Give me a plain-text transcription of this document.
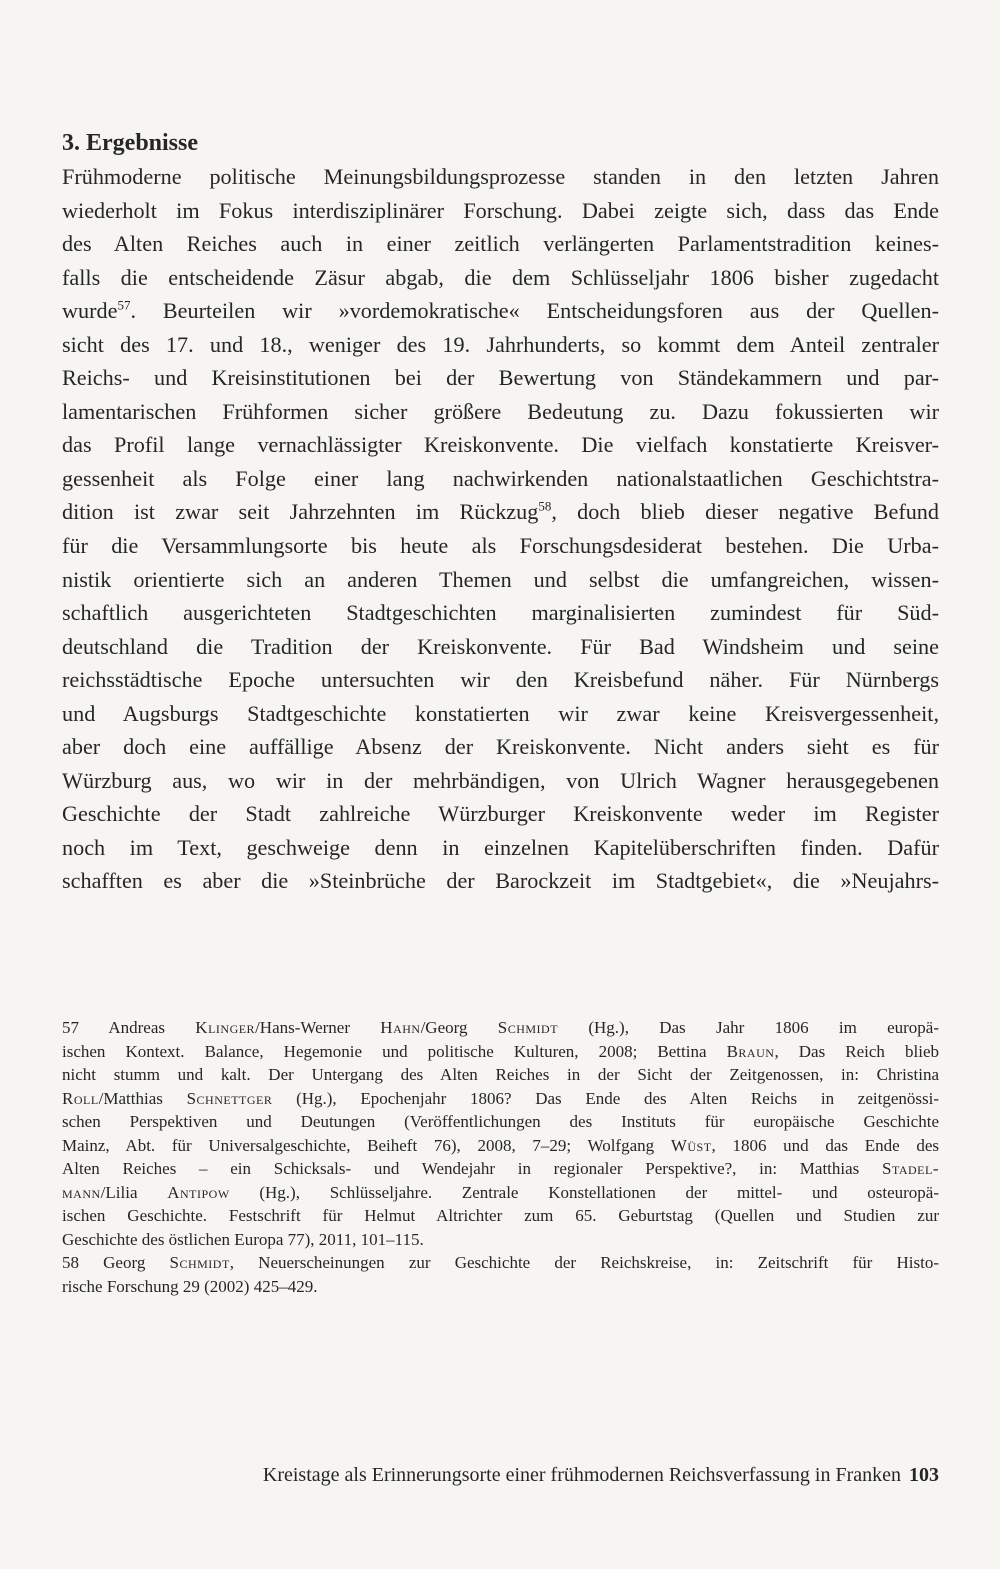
3. Ergebnisse
Frühmoderne politische Meinungsbildungsprozesse standen in den letzten Jahren
wiederholt im Fokus interdisziplinärer Forschung. Dabei zeigte sich, dass das Ende
des Alten Reiches auch in einer zeitlich verlängerten Parlamentstradition keines-
falls die entscheidende Zäsur abgab, die dem Schlüsseljahr 1806 bisher zugedacht
wurde$^{57}$. Beurteilen wir »vordemokratische« Entscheidungsforen aus der Quellen-
sicht des 17. und 18., weniger des 19. Jahrhunderts, so kommt dem Anteil zentraler
Reichs- und Kreisinstitutionen bei der Bewertung von Ständekammern und par-
lamentarischen Frühformen sicher größere Bedeutung zu. Dazu fokussierten wir
das Profil lange vernachlässigter Kreiskonvente. Die vielfach konstatierte Kreisver-
gessenheit als Folge einer lang nachwirkenden nationalstaatlichen Geschichtstra-
dition ist zwar seit Jahrzehnten im Rückzug$^{58}$, doch blieb dieser negative Befund
für die Versammlungsorte bis heute als Forschungsdesiderat bestehen. Die Urba-
nistik orientierte sich an anderen Themen und selbst die umfangreichen, wissen-
schaftlich ausgerichteten Stadtgeschichten marginalisierten zumindest für Süd-
deutschland die Tradition der Kreiskonvente. Für Bad Windsheim und seine
reichsstädtische Epoche untersuchten wir den Kreisbefund näher. Für Nürnbergs
und Augsburgs Stadtgeschichte konstatierten wir zwar keine Kreisvergessenheit,
aber doch eine auffällige Absenz der Kreiskonvente. Nicht anders sieht es für
Würzburg aus, wo wir in der mehrbändigen, von Ulrich Wagner herausgegebenen
Geschichte der Stadt zahlreiche Würzburger Kreiskonvente weder im Register
noch im Text, geschweige denn in einzelnen Kapitelüberschriften finden. Dafür
schafften es aber die »Steinbrüche der Barockzeit im Stadtgebiet«, die »Neujahrs-
57 Andreas Klinger/Hans-Werner Hahn/Georg Schmidt (Hg.), Das Jahr 1806 im europä-
ischen Kontext. Balance, Hegemonie und politische Kulturen, 2008; Bettina Braun, Das Reich blieb
nicht stumm und kalt. Der Untergang des Alten Reiches in der Sicht der Zeitgenossen, in: Christina
Roll/Matthias Schnettger (Hg.), Epochenjahr 1806? Das Ende des Alten Reichs in zeitgenössi-
schen Perspektiven und Deutungen (Veröffentlichungen des Instituts für europäische Geschichte
Mainz, Abt. für Universalgeschichte, Beiheft 76), 2008, 7–29; Wolfgang Wüst, 1806 und das Ende des
Alten Reiches – ein Schicksals- und Wendejahr in regionaler Perspektive?, in: Matthias Stadel-
mann/Lilia Antipow (Hg.), Schlüsseljahre. Zentrale Konstellationen der mittel- und osteuropä-
ischen Geschichte. Festschrift für Helmut Altrichter zum 65. Geburtstag (Quellen und Studien zur
Geschichte des östlichen Europa 77), 2011, 101–115.
58 Georg Schmidt, Neuerscheinungen zur Geschichte der Reichskreise, in: Zeitschrift für Histo-
rische Forschung 29 (2002) 425–429.
Kreistage als Erinnerungsorte einer frühmodernen Reichsverfassung in Franken 103
